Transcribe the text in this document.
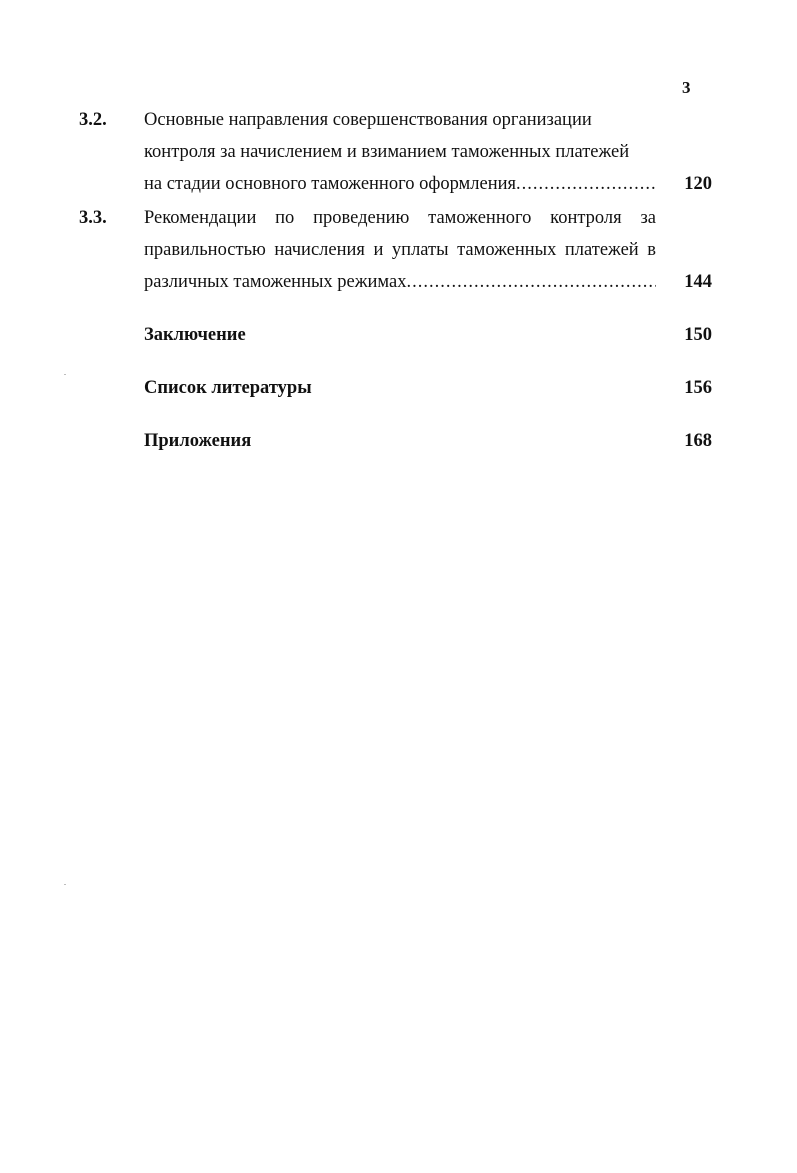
3
3.2. Основные направления совершенствования организации
контроля за начислением и взиманием таможенных платежей
на стадии основного таможенного оформления .....	120
3.3. Рекомендации по проведению таможенного контроля за
правильностью начисления и уплаты таможенных платежей в
различных таможенных режимах .....	144
Заключение	150
Список литературы	156
Приложения	168
